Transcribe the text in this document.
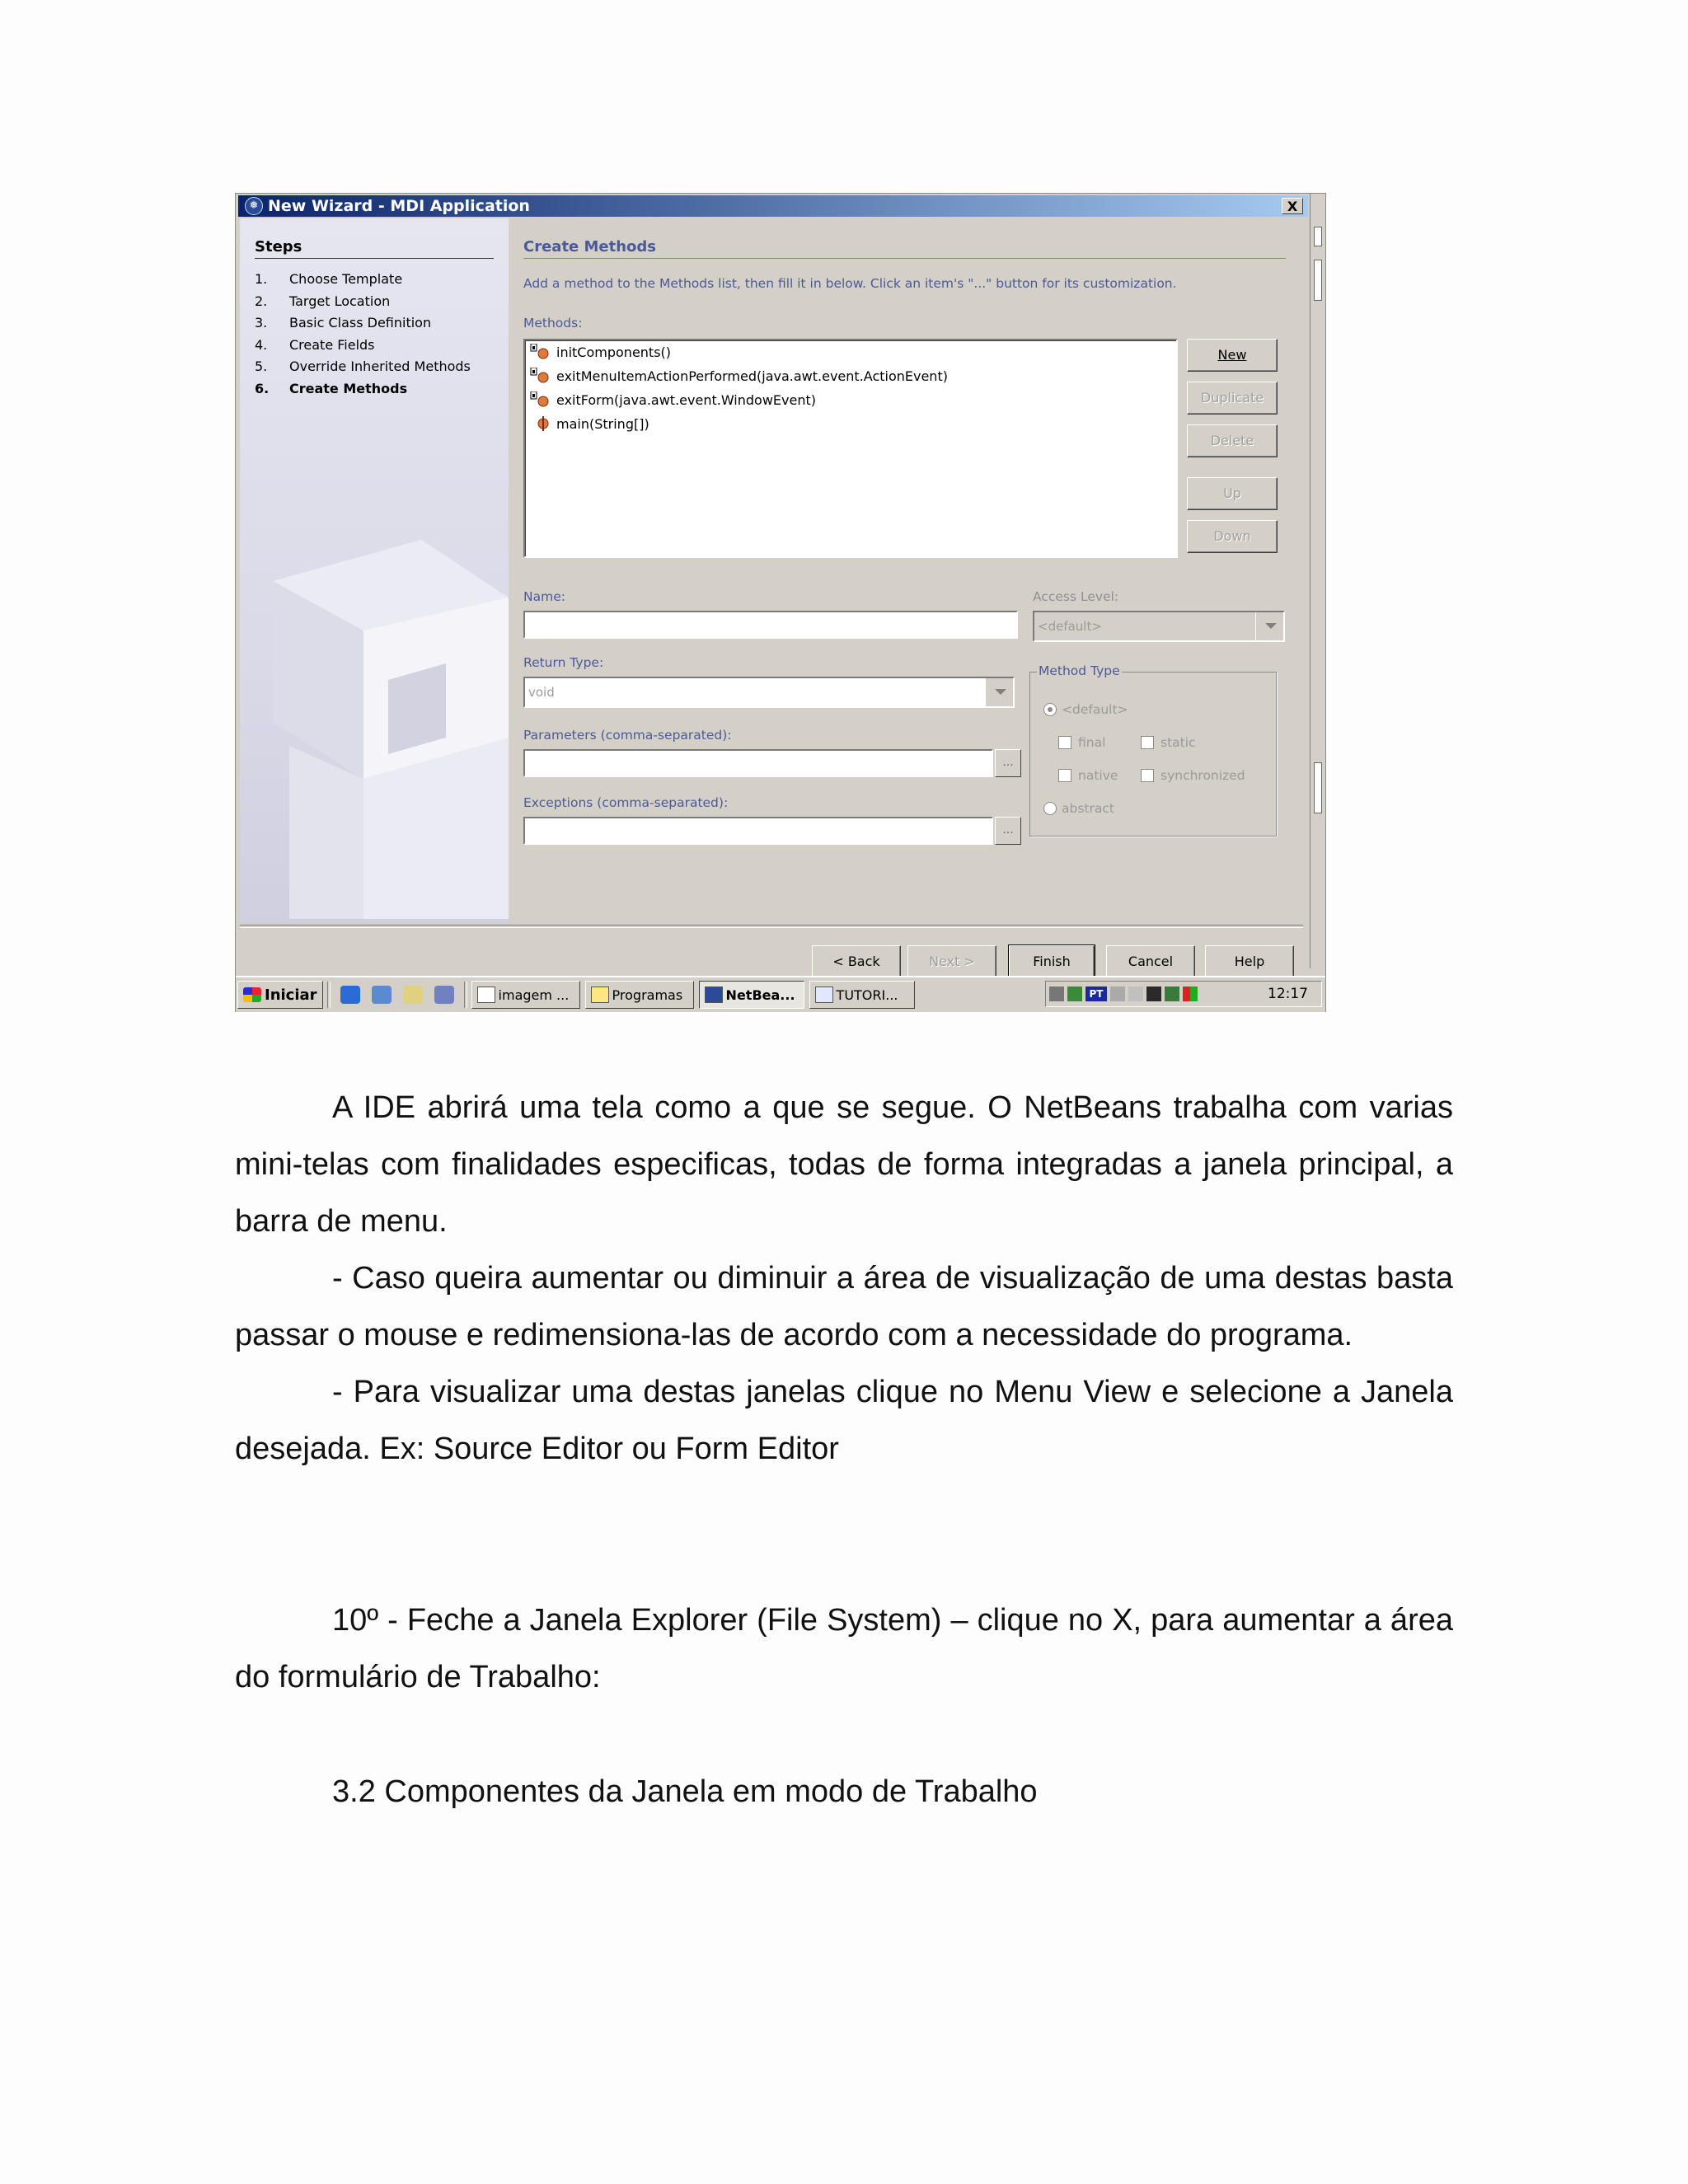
❅ New Wizard - MDI Application	X
Steps
1.	Choose Template
2.	Target Location
3.	Basic Class Definition
4.	Create Fields
5.	Override Inherited Methods
6.	Create Methods
Create Methods
Add a method to the Methods list, then fill it in below. Click an item's "..." button for its customization.
Methods:
initComponents()
exitMenuItemActionPerformed(java.awt.event.ActionEvent)
exitForm(java.awt.event.WindowEvent)
main(String[])
New
Duplicate
Delete
Up
Down
Name:	Access Level:
<default>
Return Type:
void
Parameters (comma-separated):
...
Exceptions (comma-separated):
...
Method Type
<default>
final	static
native	synchronized
abstract
< Back	Next >	Finish	Cancel	Help
Iniciar	imagem ...	Programas	NetBea...	TUTORI...	PT	12:17

A IDE abrirá uma tela como a que se segue. O NetBeans trabalha com varias mini-telas com finalidades especificas, todas de forma integradas a janela principal, a barra de menu.

- Caso queira aumentar ou diminuir a área de visualização de uma destas basta passar o mouse e redimensiona-las de acordo com a necessidade do programa.

- Para visualizar uma destas janelas clique no Menu View e selecione a Janela desejada. Ex: Source Editor ou Form Editor

10º - Feche a Janela Explorer (File System) – clique no X, para aumentar a área do formulário de Trabalho:

3.2 Componentes da Janela em modo de Trabalho
